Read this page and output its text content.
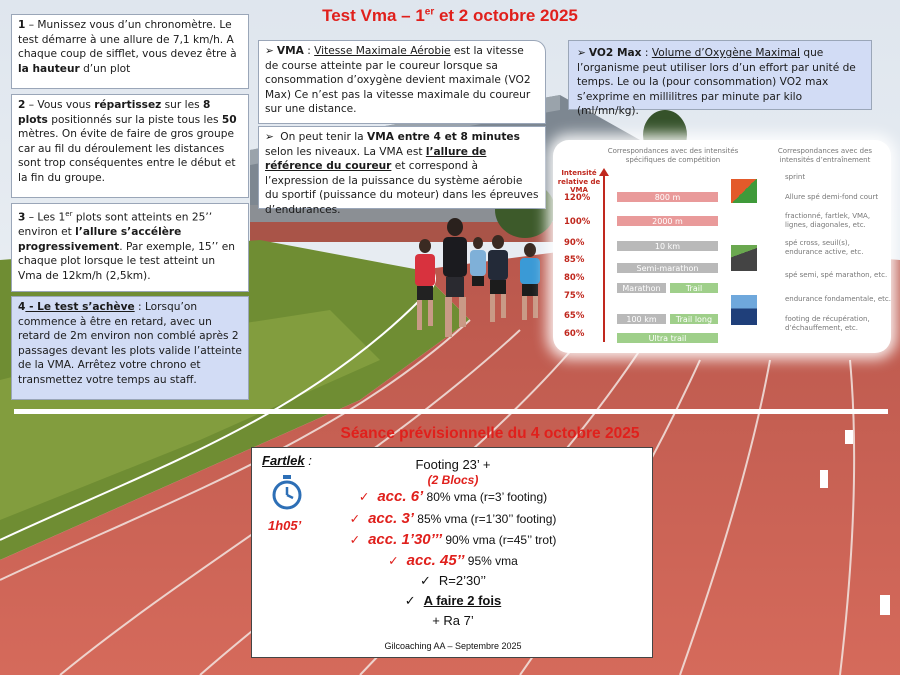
Test Vma – 1er et 2 octobre 2025
1 – Munissez vous d’un chronomètre. Le test démarre à une allure de 7,1 km/h. A chaque coup de sifflet, vous devez être à la hauteur d’un plot
2 – Vous vous répartissez sur les 8 plots positionnés sur la piste tous les 50 mètres. On évite de faire de gros groupe car au fil du déroulement les distances sont trop conséquentes entre le début et la fin du groupe.
3 – Les 1er plots sont atteints en 25’’ environ et l’allure s’accélère progressivement. Par exemple, 15’’ en chaque plot lorsque le test atteint un Vma de 12km/h (2,5km).
4 - Le test s’achève : Lorsqu’on commence à être en retard, avec un retard de 2m environ non comblé après 2 passages devant les plots valide l’atteinte de la VMA. Arrêtez votre chrono et transmettez votre temps au staff.
➢ VMA : Vitesse Maximale Aérobie est la vitesse de course atteinte par le coureur lorsque sa consommation d’oxygène devient maximale (VO2 Max) Ce n’est pas la vitesse maximale du coureur sur une distance.
➢ On peut tenir la VMA entre 4 et 8 minutes selon les niveaux. La VMA est l’allure de référence du coureur et correspond à l’expression de la puissance du système aérobie du sportif (puissance du moteur) dans les épreuves d’endurances.
➢ VO2 Max : Volume d’Oxygène Maximal que l’organisme peut utiliser lors d’un effort par unité de temps. Le ou la (pour consommation) VO2 max s’exprime en millilitres par minute par kilo (ml/mn/kg).
Correspondances avec des intensités spécifiques de compétition
Correspondances avec des intensités d’entraînement
Intensité relative de VMA
120%
100%
90%
85%
80%
75%
65%
60%
800 m
2000 m
10 km
Semi-marathon
Marathon	Trail
100 km	Trail long
Ultra trail
sprint
Allure spé demi-fond court
fractionné, fartlek, VMA, lignes, diagonales, etc.
spé cross, seuil(s), endurance active, etc.
spé semi, spé marathon, etc.
endurance fondamentale, etc.
footing de récupération, d’échauffement, etc.
Séance prévisionnelle du 4 octobre 2025
Fartlek :
1h05’
Footing 23’ +
(2 Blocs)
✓ acc. 6’ 80% vma (r=3’ footing)
✓ acc. 3’ 85% vma (r=1’30’’ footing)
✓ acc. 1’30’’’ 90% vma (r=45’’ trot)
✓ acc. 45’’ 95% vma
✓ R=2’30’’
✓ A faire 2 fois
+ Ra 7’
Gilcoaching AA – Septembre 2025
